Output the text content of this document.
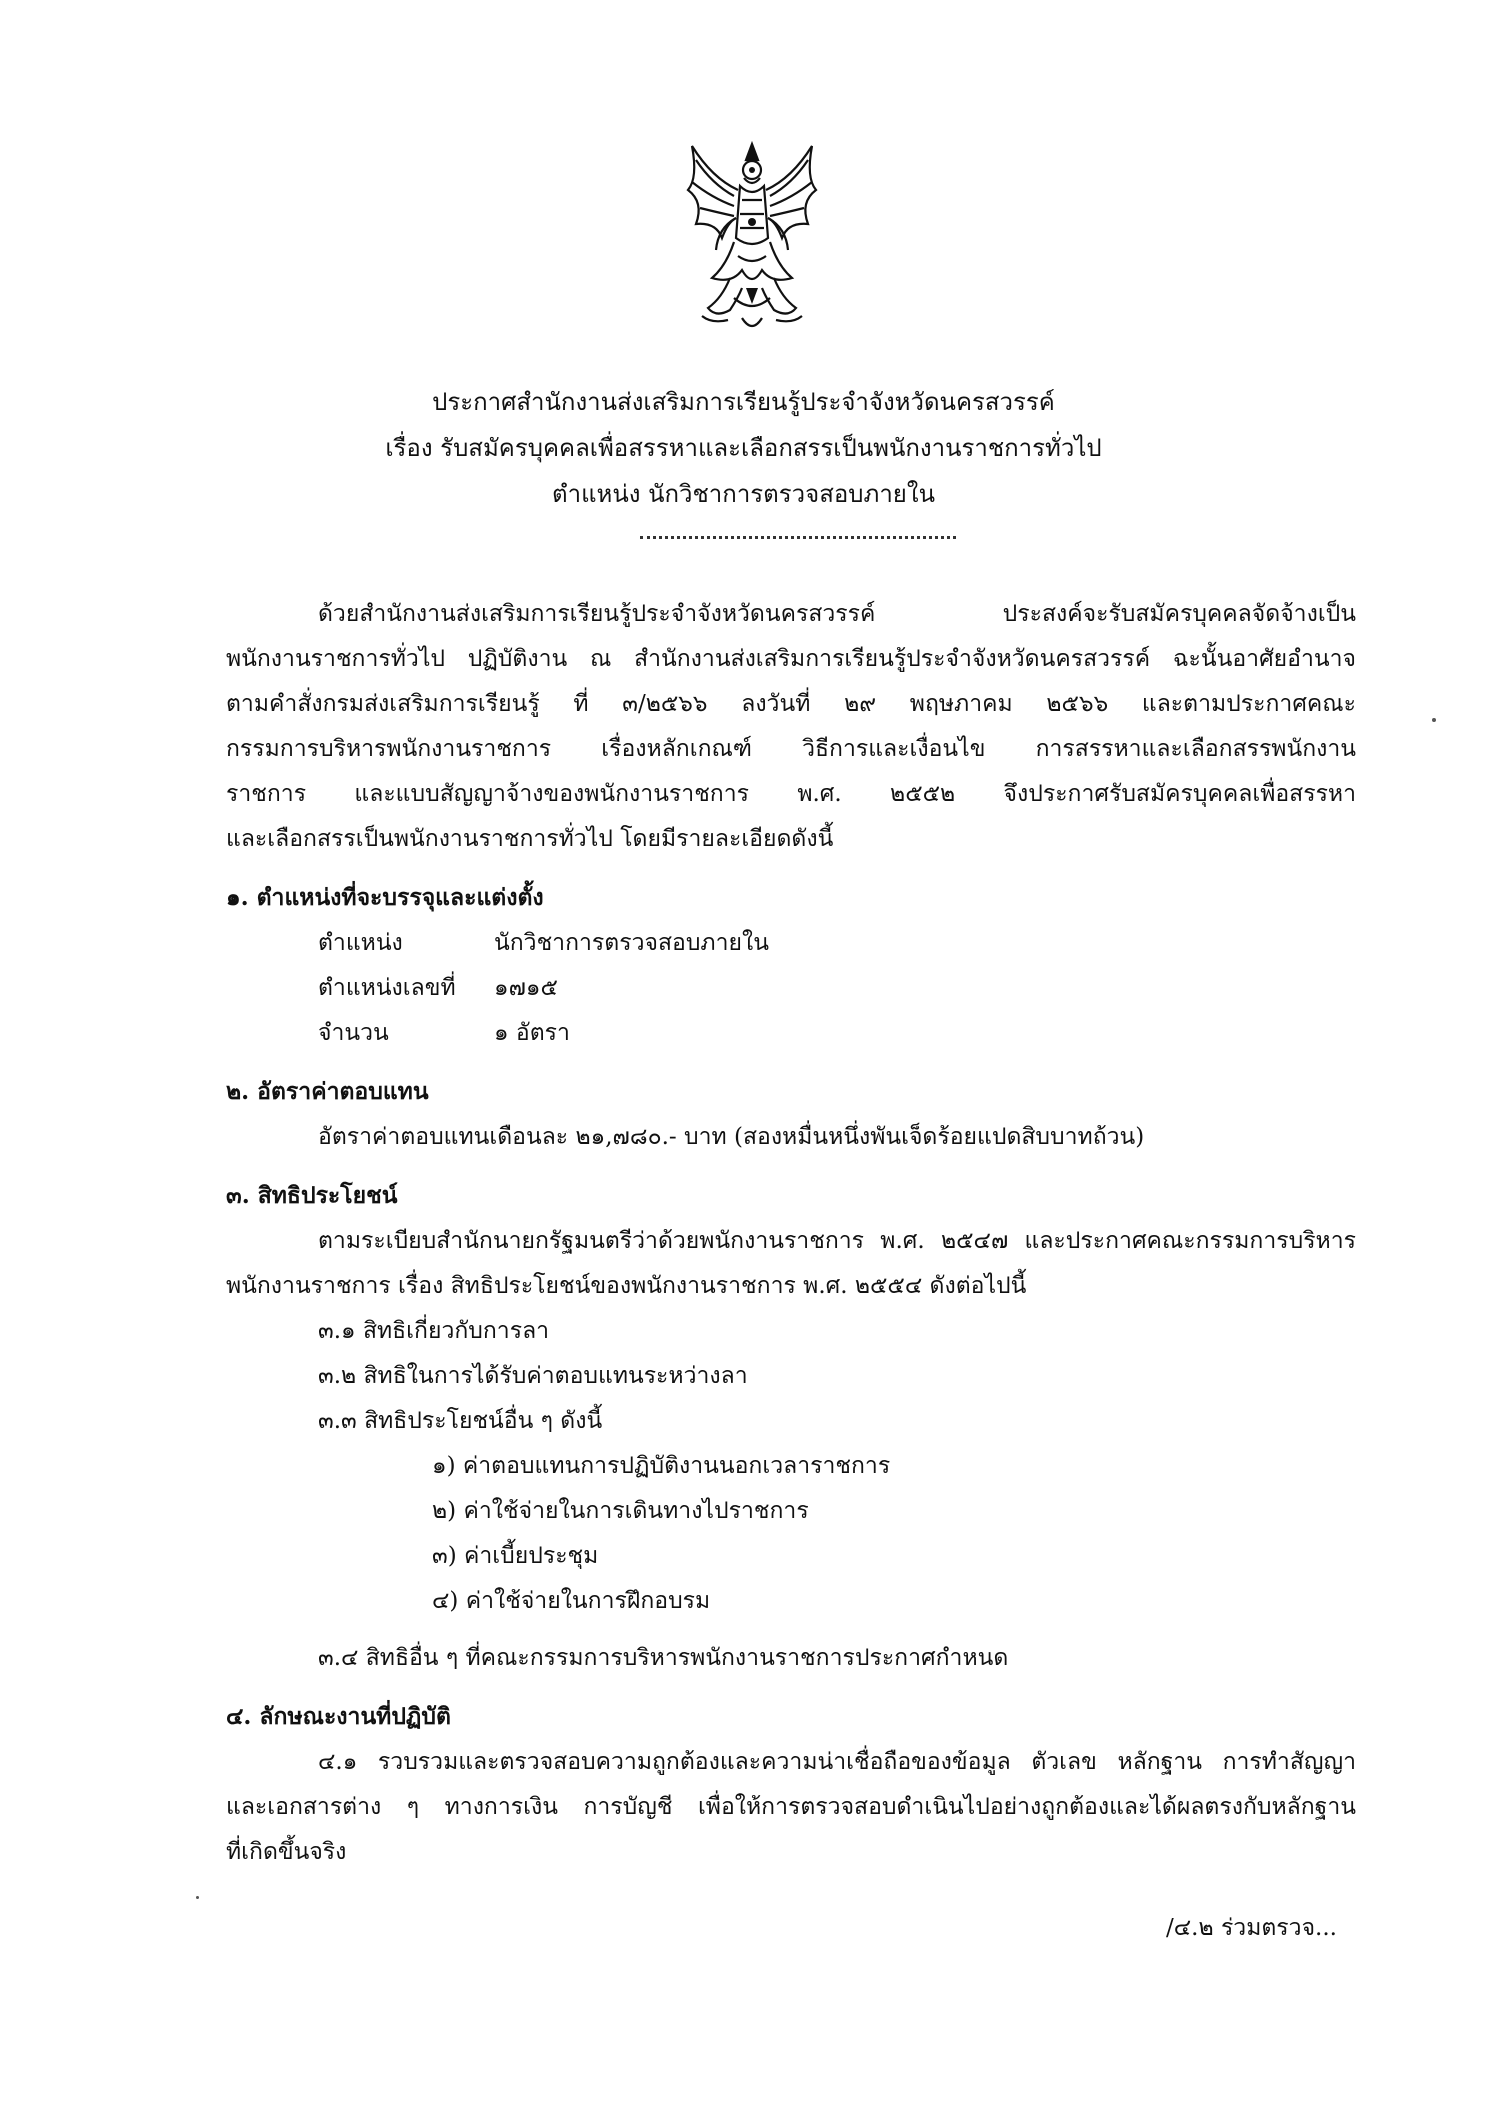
ประกาศสำนักงานส่งเสริมการเรียนรู้ประจำจังหวัดนครสวรรค์
เรื่อง รับสมัครบุคคลเพื่อสรรหาและเลือกสรรเป็นพนักงานราชการทั่วไป
ตำแหน่ง นักวิชาการตรวจสอบภายใน
ด้วยสำนักงานส่งเสริมการเรียนรู้ประจำจังหวัดนครสวรรค์ ประสงค์จะรับสมัครบุคคลจัดจ้างเป็น
พนักงานราชการทั่วไป ปฏิบัติงาน ณ สำนักงานส่งเสริมการเรียนรู้ประจำจังหวัดนครสวรรค์ ฉะนั้นอาศัยอำนาจ
ตามคำสั่งกรมส่งเสริมการเรียนรู้ ที่ ๓/๒๕๖๖ ลงวันที่ ๒๙ พฤษภาคม ๒๕๖๖ และตามประกาศคณะ
กรรมการบริหารพนักงานราชการ เรื่องหลักเกณฑ์ วิธีการและเงื่อนไข การสรรหาและเลือกสรรพนักงาน
ราชการ และแบบสัญญาจ้างของพนักงานราชการ พ.ศ. ๒๕๕๒ จึงประกาศรับสมัครบุคคลเพื่อสรรหา
และเลือกสรรเป็นพนักงานราชการทั่วไป โดยมีรายละเอียดดังนี้
๑. ตำแหน่งที่จะบรรจุและแต่งตั้ง
ตำแหน่ง	นักวิชาการตรวจสอบภายใน
ตำแหน่งเลขที่ ๑๗๑๕
จำนวน	๑ อัตรา
๒. อัตราค่าตอบแทน
อัตราค่าตอบแทนเดือนละ ๒๑,๗๘๐.- บาท (สองหมื่นหนึ่งพันเจ็ดร้อยแปดสิบบาทถ้วน)
๓. สิทธิประโยชน์
ตามระเบียบสำนักนายกรัฐมนตรีว่าด้วยพนักงานราชการ พ.ศ. ๒๕๔๗ และประกาศคณะกรรมการบริหาร
พนักงานราชการ เรื่อง สิทธิประโยชน์ของพนักงานราชการ พ.ศ. ๒๕๕๔ ดังต่อไปนี้
๓.๑ สิทธิเกี่ยวกับการลา
๓.๒ สิทธิในการได้รับค่าตอบแทนระหว่างลา
๓.๓ สิทธิประโยชน์อื่น ๆ ดังนี้
๑) ค่าตอบแทนการปฏิบัติงานนอกเวลาราชการ
๒) ค่าใช้จ่ายในการเดินทางไปราชการ
๓) ค่าเบี้ยประชุม
๔) ค่าใช้จ่ายในการฝึกอบรม
๓.๔ สิทธิอื่น ๆ ที่คณะกรรมการบริหารพนักงานราชการประกาศกำหนด
๔. ลักษณะงานที่ปฏิบัติ
๔.๑ รวบรวมและตรวจสอบความถูกต้องและความน่าเชื่อถือของข้อมูล ตัวเลข หลักฐาน การทำสัญญา
และเอกสารต่าง ๆ ทางการเงิน การบัญชี เพื่อให้การตรวจสอบดำเนินไปอย่างถูกต้องและได้ผลตรงกับหลักฐาน
ที่เกิดขึ้นจริง
/๔.๒ ร่วมตรวจ...
